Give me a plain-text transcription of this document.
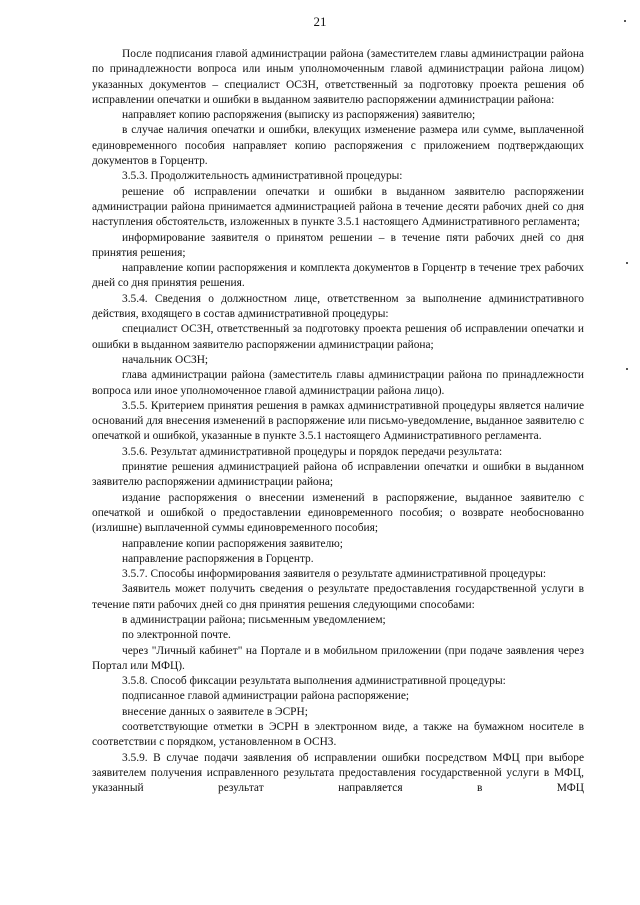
21

После подписания главой администрации района (заместителем главы администрации района по принадлежности вопроса или иным уполномоченным главой администрации района лицом) указанных документов – специалист ОСЗН, ответственный за подготовку проекта решения об исправлении опечатки и ошибки в выданном заявителю распоряжении администрации района:

направляет копию распоряжения (выписку из распоряжения) заявителю;

в случае наличия опечатки и ошибки, влекущих изменение размера или сумме, выплаченной единовременного пособия направляет копию распоряжения с приложением подтверждающих документов в Горцентр.

3.5.3. Продолжительность административной процедуры:

решение об исправлении опечатки и ошибки в выданном заявителю распоряжении администрации района принимается администрацией района в течение десяти рабочих дней со дня наступления обстоятельств, изложенных в пункте 3.5.1 настоящего Административного регламента;

информирование заявителя о принятом решении – в течение пяти рабочих дней со дня принятия решения;

направление копии распоряжения и комплекта документов в Горцентр в течение трех рабочих дней со дня принятия решения.

3.5.4. Сведения о должностном лице, ответственном за выполнение административного действия, входящего в состав административной процедуры:

специалист ОСЗН, ответственный за подготовку проекта решения об исправлении опечатки и ошибки в выданном заявителю распоряжении администрации района;

начальник ОСЗН;

глава администрации района (заместитель главы администрации района по принадлежности вопроса или иное уполномоченное главой администрации района лицо).

3.5.5. Критерием принятия решения в рамках административной процедуры является наличие оснований для внесения изменений в распоряжение или письмо-уведомление, выданное заявителю с опечаткой и ошибкой, указанные в пункте 3.5.1 настоящего Административного регламента.

3.5.6. Результат административной процедуры и порядок передачи результата:

принятие решения администрацией района об исправлении опечатки и ошибки в выданном заявителю распоряжении администрации района;

издание распоряжения о внесении изменений в распоряжение, выданное заявителю с опечаткой и ошибкой о предоставлении единовременного пособия; о возврате необоснованно (излишне) выплаченной суммы единовременного пособия;

направление копии распоряжения заявителю;

направление распоряжения в Горцентр.

3.5.7. Способы информирования заявителя о результате административной процедуры:

Заявитель может получить сведения о результате предоставления государственной услуги в течение пяти рабочих дней со дня принятия решения следующими способами:

в администрации района; письменным уведомлением;

по электронной почте.

через "Личный кабинет" на Портале и в мобильном приложении (при подаче заявления через Портал или МФЦ).

3.5.8. Способ фиксации результата выполнения административной процедуры:

подписанное главой администрации района распоряжение;

внесение данных о заявителе в ЭСРН;

соответствующие отметки в ЭСРН в электронном виде, а также на бумажном носителе в соответствии с порядком, установленном в ОСНЗ.

3.5.9. В случае подачи заявления об исправлении ошибки посредством МФЦ при выборе заявителем получения исправленного результата предоставления государственной услуги в МФЦ, указанный результат направляется в МФЦ
